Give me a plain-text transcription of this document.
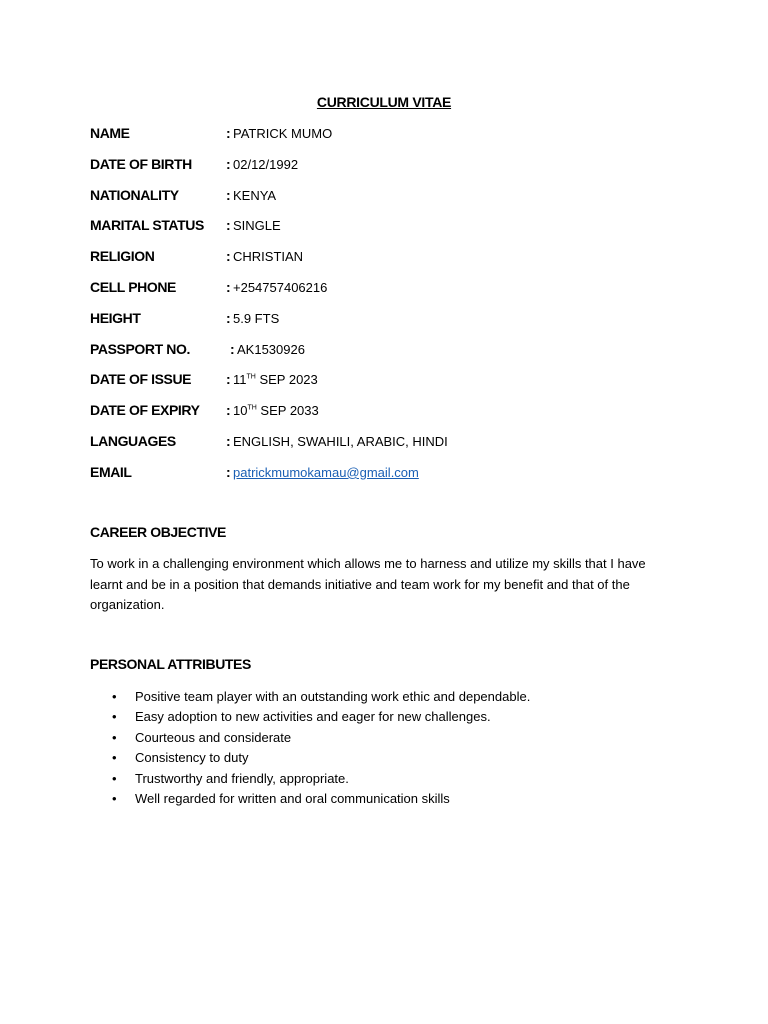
CURRICULUM VITAE
NAME	: PATRICK MUMO
DATE OF BIRTH : 02/12/1992
NATIONALITY	: KENYA
MARITAL STATUS : SINGLE
RELIGION	: CHRISTIAN
CELL PHONE	: +254757406216
HEIGHT	: 5.9 FTS
PASSPORT NO.	: AK1530926
DATE OF ISSUE : 11TH SEP 2023
DATE OF EXPIRY : 10TH SEP 2033
LANGUAGES	: ENGLISH, SWAHILI, ARABIC, HINDI
EMAIL	: patrickmumokamau@gmail.com
CAREER OBJECTIVE
To work in a challenging environment which allows me to harness and utilize my skills that I have learnt and be in a position that demands initiative and team work for my benefit and that of the organization.
PERSONAL ATTRIBUTES
• Positive team player with an outstanding work ethic and dependable.
• Easy adoption to new activities and eager for new challenges.
• Courteous and considerate
• Consistency to duty
• Trustworthy and friendly, appropriate.
• Well regarded for written and oral communication skills
